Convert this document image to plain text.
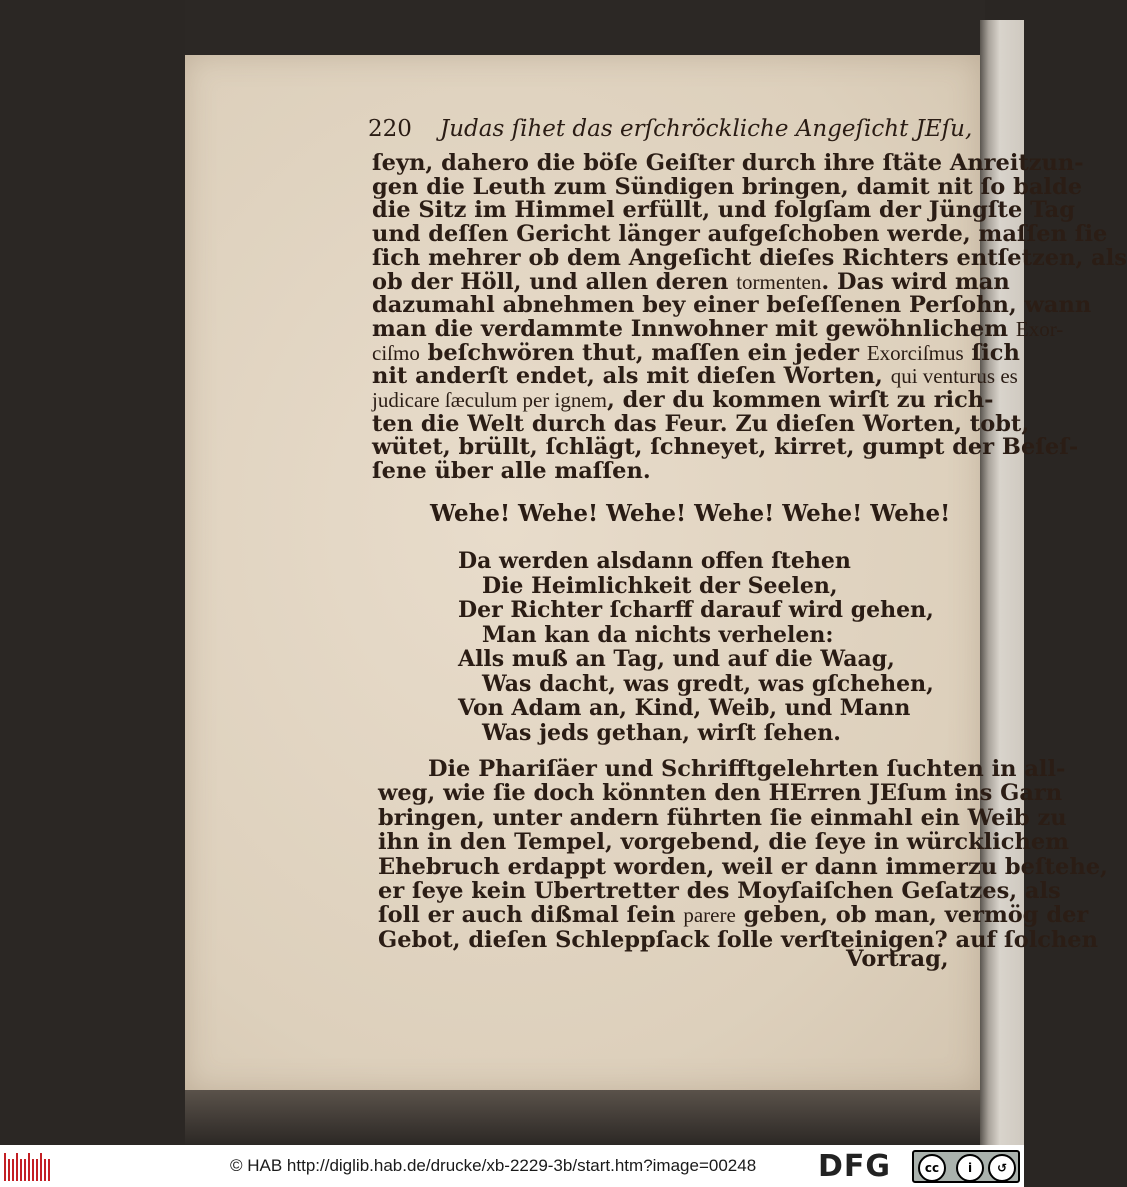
220 Judas ſihet das erſchröckliche Angeſicht JEſu,
ſeyn, dahero die böſe Geiſter durch ihre ſtäte Anreitzun-
gen die Leuth zum Sündigen bringen, damit nit ſo balde
die Sitz im Himmel erfüllt, und folgſam der Jüngſte Tag
und deſſen Gericht länger aufgeſchoben werde, maſſen ſie
ſich mehrer ob dem Angeſicht dieſes Richters entſetzen, als
ob der Höll, und allen deren tormenten. Das wird man
dazumahl abnehmen bey einer beſeſſenen Perſohn, wann
man die verdammte Innwohner mit gewöhnlichem Exor-
ciſmo beſchwören thut, maſſen ein jeder Exorciſmus ſich
nit anderſt endet, als mit dieſen Worten, qui venturus es
judicare ſæculum per ignem, der du kommen wirſt zu rich-
ten die Welt durch das Feur. Zu dieſen Worten, tobt,
wütet, brüllt, ſchlägt, ſchneyet, kirret, gumpt der Beſeſ-
ſene über alle maſſen.
Wehe! Wehe! Wehe! Wehe! Wehe! Wehe!
Da werden alsdann offen ſtehen
Die Heimlichkeit der Seelen,
Der Richter ſcharff darauf wird gehen,
Man kan da nichts verhelen:
Alls muß an Tag, und auf die Waag,
Was dacht, was gredt, was gſchehen,
Von Adam an, Kind, Weib, und Mann
Was jeds gethan, wirſt ſehen.
Die Phariſäer und Schrifftgelehrten ſuchten in all-
weg, wie ſie doch könnten den HErren JEſum ins Garn
bringen, unter andern führten ſie einmahl ein Weib zu
ihn in den Tempel, vorgebend, die ſeye in würcklichem
Ehebruch erdappt worden, weil er dann immerzu beſtehe,
er ſeye kein Ubertretter des Moyſaiſchen Geſatzes, als
ſoll er auch dißmal ſein parere geben, ob man, vermög der
Gebot, dieſen Schleppſack ſolle verſteinigen? auf ſolchen
Vortrag,
© HAB http://diglib.hab.de/drucke/xb-2229-3b/start.htm?image=00248 DFG	cc	i	↺
